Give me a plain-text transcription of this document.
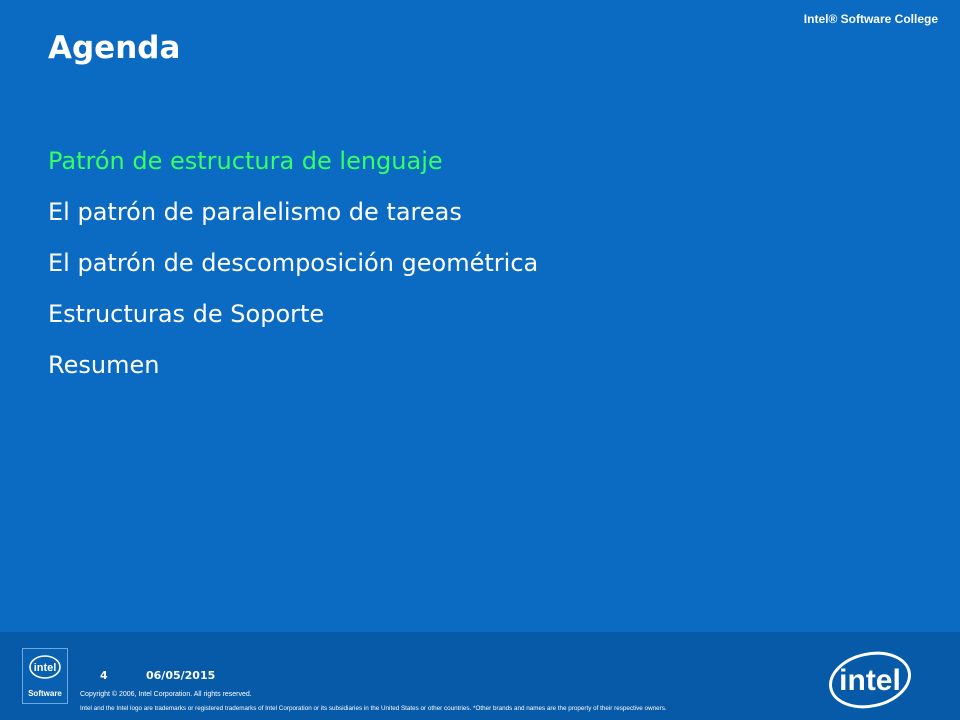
Intel® Software College
Agenda
Patrón de estructura de lenguaje
El patrón de paralelismo de tareas
El patrón de descomposición geométrica
Estructuras de Soporte
Resumen
intel
Software
4	06/05/2015
Copyright © 2006, Intel Corporation. All rights reserved.
Intel and the Intel logo are trademarks or registered trademarks of Intel Corporation or its subsidiaries in the United States or other countries. *Other brands and names are the property of their respective owners.
intel
